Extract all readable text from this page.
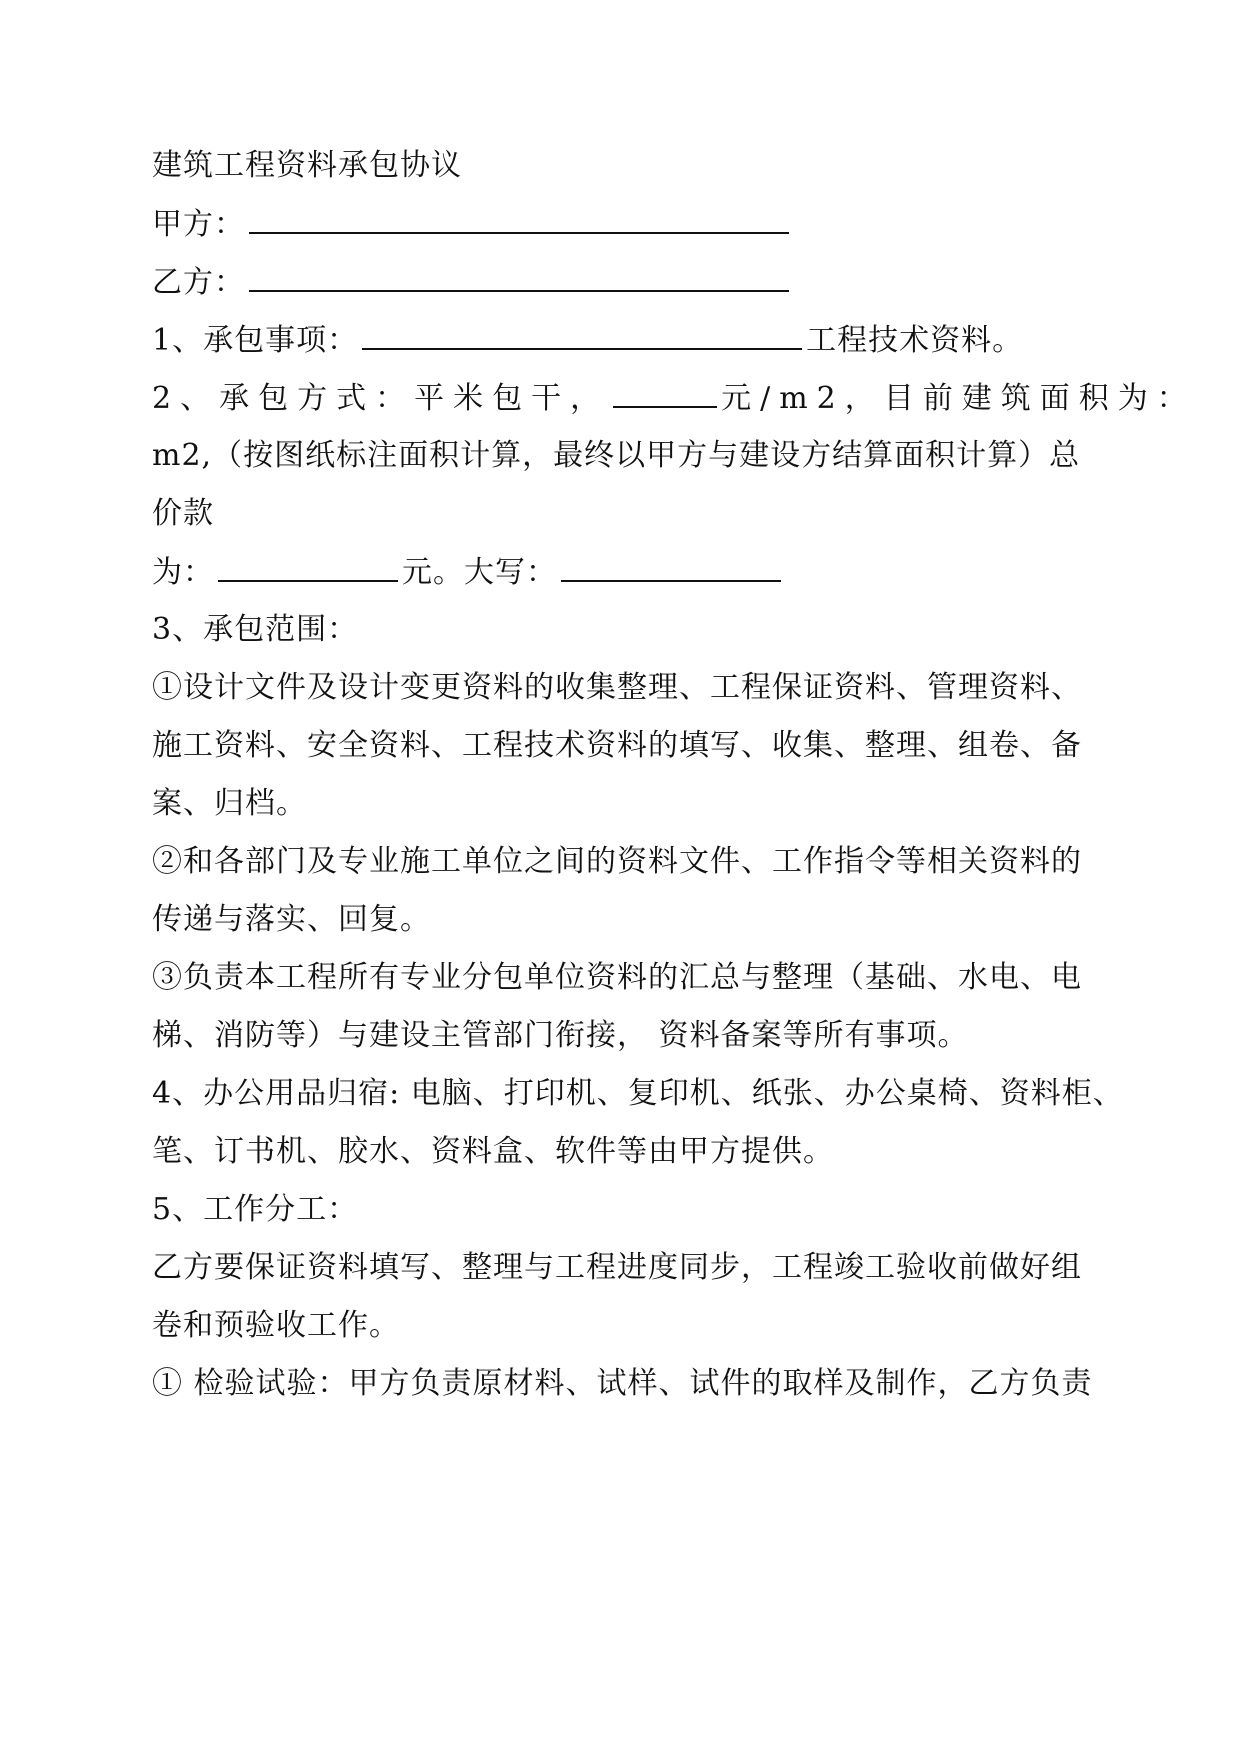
建筑工程资料承包协议
甲方：
乙方：
1、承包事项：	工程技术资料。
2、承包方式：平米包干，	元/m2，目前建筑面积为：
m2,（按图纸标注面积计算，最终以甲方与建设方结算面积计算）总
价款
为：	元。大写：
3、承包范围：
①设计文件及设计变更资料的收集整理、工程保证资料、管理资料、
施工资料、安全资料、工程技术资料的填写、收集、整理、组卷、备
案、归档。
②和各部门及专业施工单位之间的资料文件、工作指令等相关资料的
传递与落实、回复。
③负责本工程所有专业分包单位资料的汇总与整理（基础、水电、电
梯、消防等）与建设主管部门衔接， 资料备案等所有事项。
4、办公用品归宿: 电脑、打印机、复印机、纸张、办公桌椅、资料柜、
笔、订书机、胶水、资料盒、软件等由甲方提供。
5、工作分工：
乙方要保证资料填写、整理与工程进度同步，工程竣工验收前做好组
卷和预验收工作。
① 检验试验：甲方负责原材料、试样、试件的取样及制作，乙方负责
